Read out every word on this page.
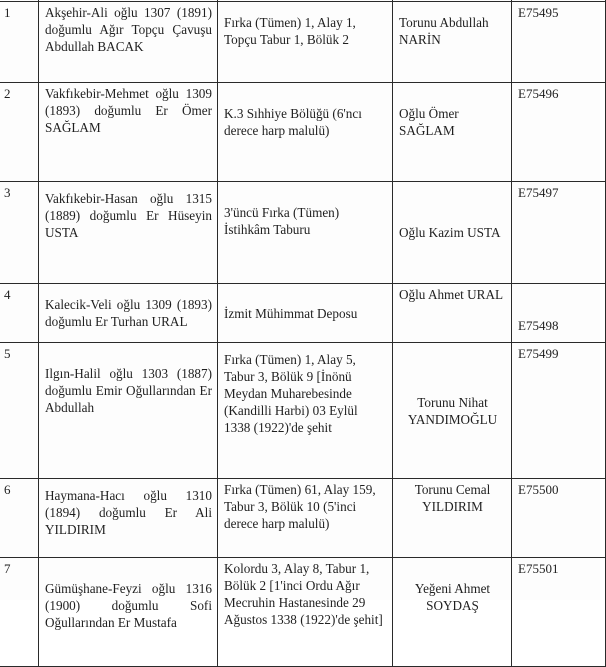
1	Akşehir-Ali oğlu 1307 (1891) doğumlu Ağır Topçu Çavuşu Abdullah BACAK	Fırka (Tümen) 1, Alay 1, Topçu Tabur 1, Bölük 2	Torunu Abdullah NARİN	E75495
2	Vakfıkebir-Mehmet oğlu 1309 (1893) doğumlu Er Ömer SAĞLAM	K.3 Sıhhiye Bölüğü (6'ncı derece harp malulü)	Oğlu Ömer SAĞLAM	E75496
3	Vakfıkebir-Hasan oğlu 1315 (1889) doğumlu Er Hüseyin USTA	3'üncü Fırka (Tümen) İstihkâm Taburu	Oğlu Kazim USTA	E75497
4	Kalecik-Veli oğlu 1309 (1893) doğumlu Er Turhan URAL	İzmit Mühimmat Deposu	Oğlu Ahmet URAL	E75498
5	Ilgın-Halil oğlu 1303 (1887) doğumlu Emir Oğullarından Er Abdullah	Fırka (Tümen) 1, Alay 5, Tabur 3, Bölük 9 [İnönü Meydan Muharebesinde (Kandilli Harbi) 03 Eylül 1338 (1922)'de şehit	Torunu Nihat YANDIMOĞLU	E75499
6	Haymana-Hacı oğlu 1310 (1894) doğumlu Er Ali YILDIRIM	Fırka (Tümen) 61, Alay 159, Tabur 3, Bölük 10 (5'inci derece harp malulü)	Torunu Cemal YILDIRIM	E75500
7	Gümüşhane-Feyzi oğlu 1316 (1900) doğumlu Sofi Oğullarından Er Mustafa	Kolordu 3, Alay 8, Tabur 1, Bölük 2 [1'inci Ordu Ağır Mecruhin Hastanesinde 29 Ağustos 1338 (1922)'de şehit]	Yeğeni Ahmet SOYDAŞ	E75501
